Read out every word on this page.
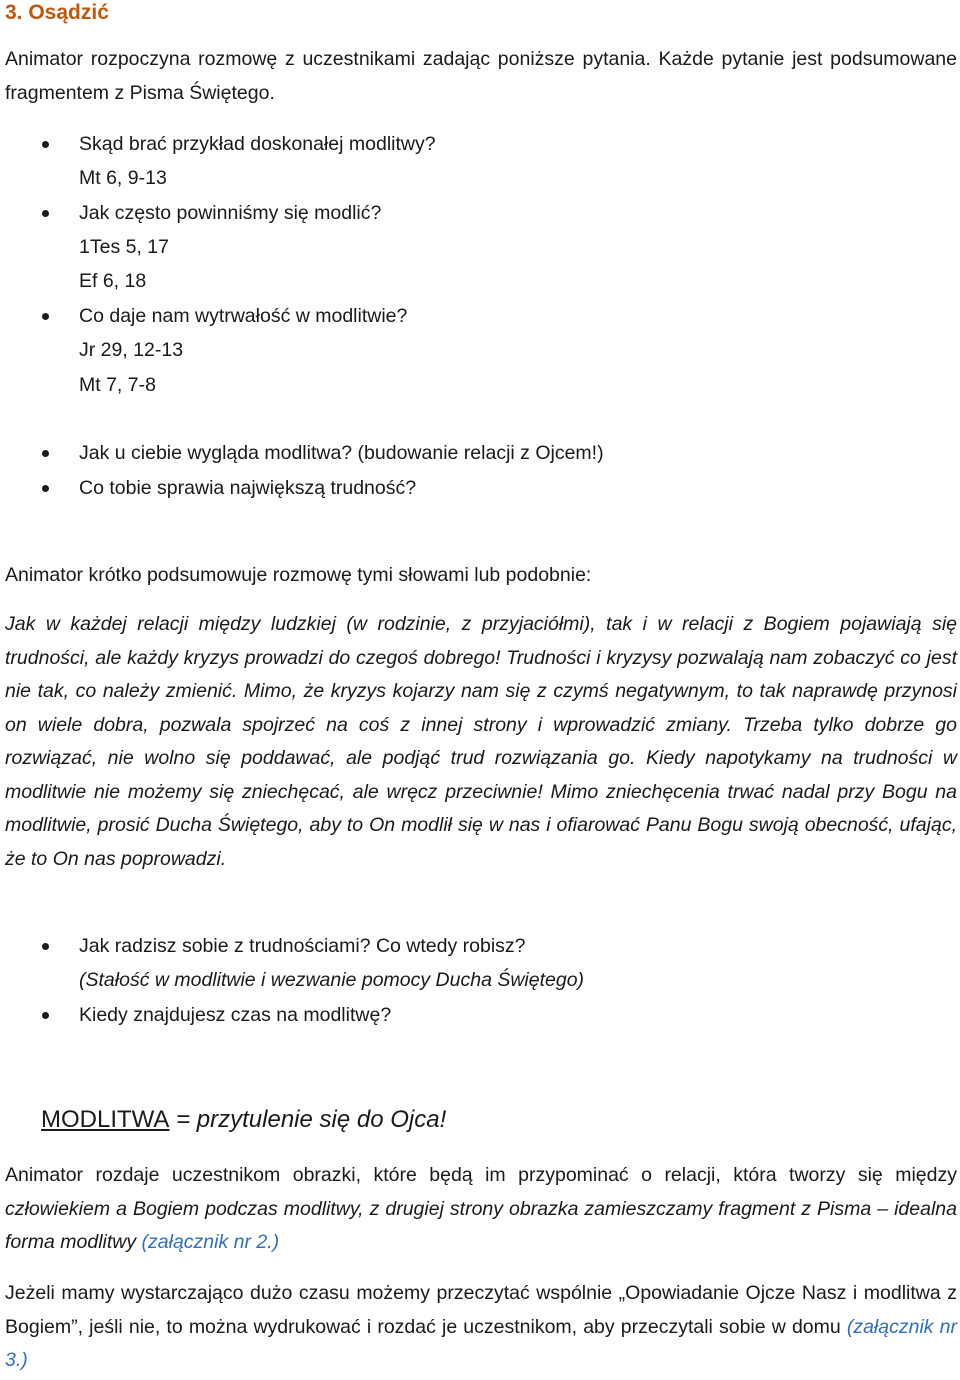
3. Osądzić
Animator rozpoczyna rozmowę z uczestnikami zadając poniższe pytania. Każde pytanie jest podsumowane fragmentem z Pisma Świętego.
Skąd brać przykład doskonałej modlitwy?
Mt 6, 9-13
Jak często powinniśmy się modlić?
1Tes 5, 17
Ef 6, 18
Co daje nam wytrwałość w modlitwie?
Jr 29, 12-13
Mt 7, 7-8
Jak u ciebie wygląda modlitwa? (budowanie relacji z Ojcem!)
Co tobie sprawia największą trudność?
Animator krótko podsumowuje rozmowę tymi słowami lub podobnie:
Jak w każdej relacji między ludzkiej (w rodzinie, z przyjaciółmi), tak i w relacji z Bogiem pojawiają się trudności, ale każdy kryzys prowadzi do czegoś dobrego! Trudności i kryzysy pozwalają nam zobaczyć co jest nie tak, co należy zmienić. Mimo, że kryzys kojarzy nam się z czymś negatywnym, to tak naprawdę przynosi on wiele dobra, pozwala spojrzeć na coś z innej strony i wprowadzić zmiany. Trzeba tylko dobrze go rozwiązać, nie wolno się poddawać, ale podjąć trud rozwiązania go. Kiedy napotykamy na trudności w modlitwie nie możemy się zniechęcać, ale wręcz przeciwnie! Mimo zniechęcenia trwać nadal przy Bogu na modlitwie, prosić Ducha Świętego, aby to On modlił się w nas i ofiarować Panu Bogu swoją obecność, ufając, że to On nas poprowadzi.
Jak radzisz sobie z trudnościami? Co wtedy robisz?
(Stałość w modlitwie i wezwanie pomocy Ducha Świętego)
Kiedy znajdujesz czas na modlitwę?
MODLITWA = przytulenie się do Ojca!
Animator rozdaje uczestnikom obrazki, które będą im przypominać o relacji, która tworzy się między człowiekiem a Bogiem podczas modlitwy, z drugiej strony obrazka zamieszczamy fragment z Pisma – idealna forma modlitwy (załącznik nr 2.)
Jeżeli mamy wystarczająco dużo czasu możemy przeczytać wspólnie „Opowiadanie Ojcze Nasz i modlitwa z Bogiem”, jeśli nie, to można wydrukować i rozdać je uczestnikom, aby przeczytali sobie w domu (załącznik nr 3.)
